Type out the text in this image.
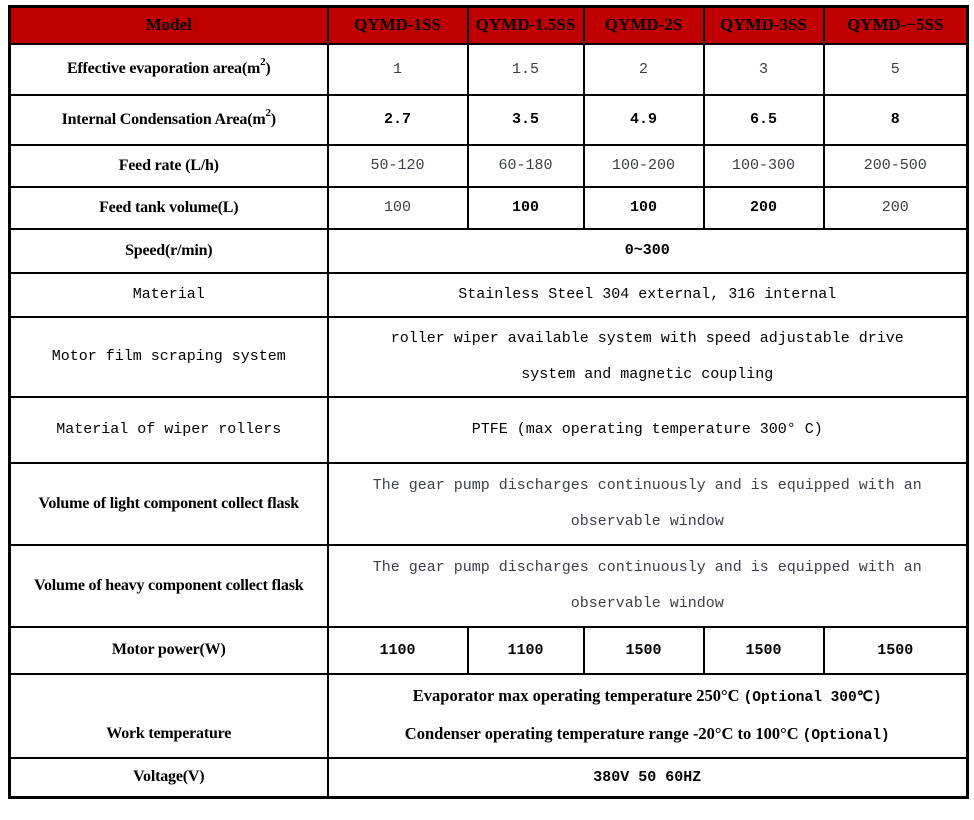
Model	QYMD-1SS	QYMD-1.5SS	QYMD-2S	QYMD-3SS	QYMD-−5SS
Effective evaporation $area(m^2)$	1	1.5	2	3	5
Internal Condensation $Area(m^2)$	2.7	3.5	4.9	6.5	8
Feed rate (L/h)	50-120	60-180	100-200	100-300	200-500
Feed tank volume(L)	100	100	100	200	200
Speed(r/min)	0~300				
Material	Stainless Steel 304 external, 316 internal				
Motor film scraping system	roller wiper available system with speed adjustable drive
system and magnetic coupling				

Material of wiper rollers	PTFE (max operating temperature 300° C)				
Volume of light component collect flask	The gear pump discharges continuously and is equipped with an
observable window				

Volume of heavy component collect flask	The gear pump discharges continuously and is equipped with an
observable window				

Motor power(W)	1100	1100	1500	1500	1500
Work temperature	Evaporator max operating temperature 250°C (Optional 300℃)
Condenser operating temperature range -20°C to 100°C (Optional)				

Voltage(V)	380V 50 60HZ				
